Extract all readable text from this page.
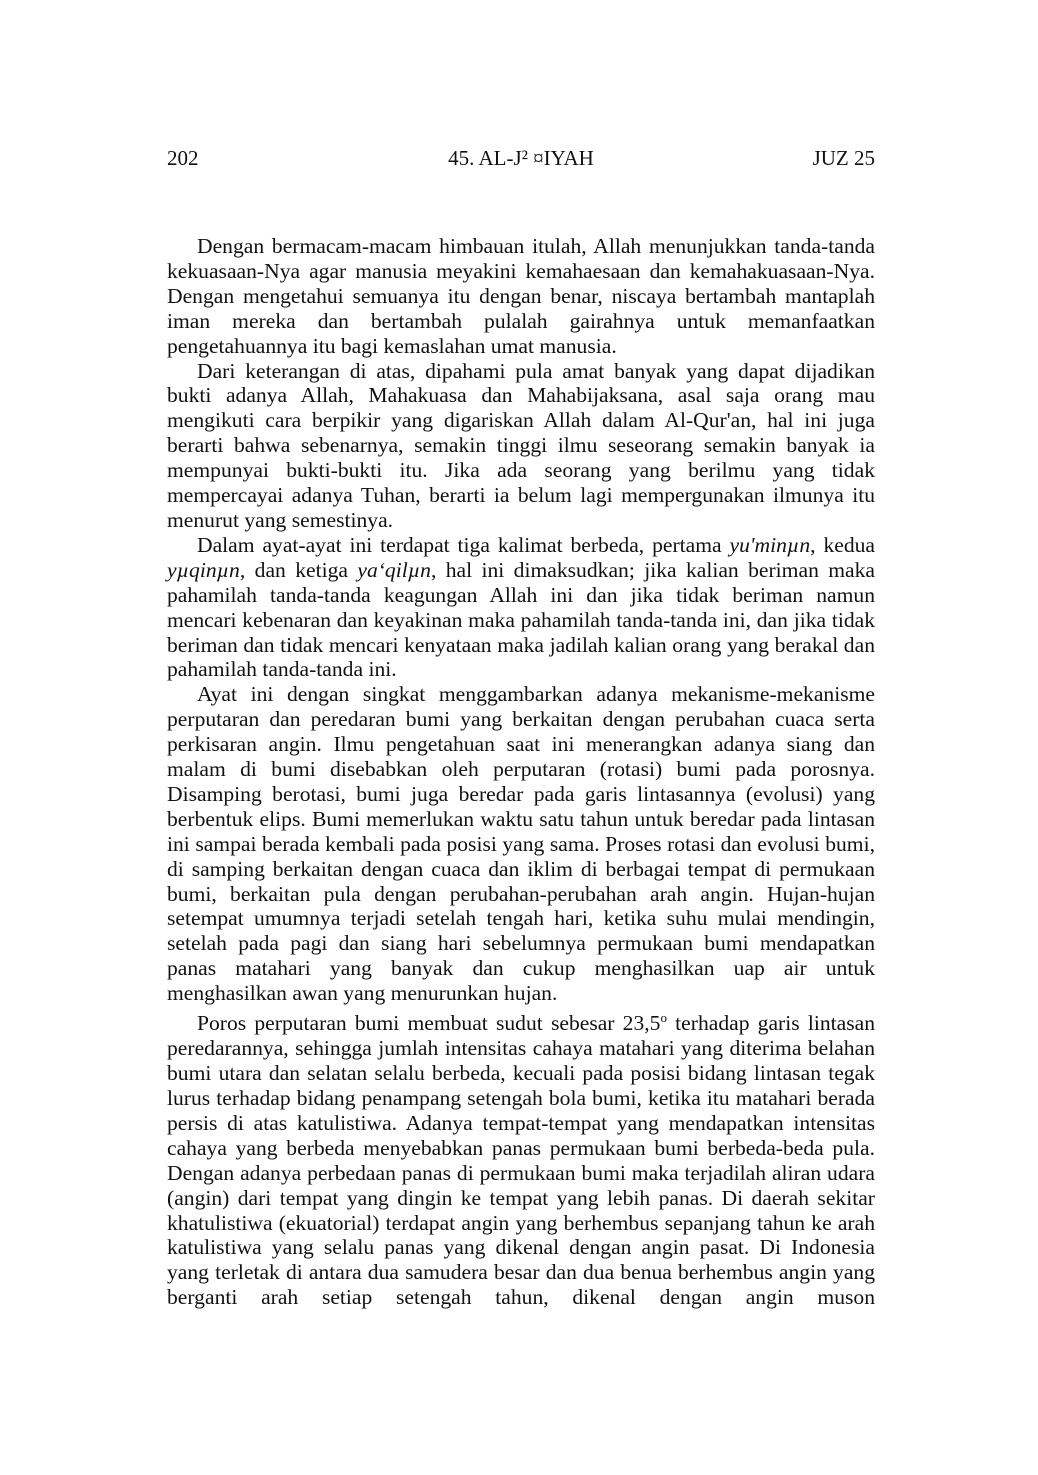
202	45. AL-J² ¤IYAH	JUZ 25

Dengan bermacam-macam himbauan itulah, Allah menunjukkan tanda-tanda kekuasaan-Nya agar manusia meyakini kemahaesaan dan kemahakuasaan-Nya. Dengan mengetahui semuanya itu dengan benar, niscaya bertambah mantaplah iman mereka dan bertambah pulalah gairahnya untuk memanfaatkan pengetahuannya itu bagi kemaslahan umat manusia.

Dari keterangan di atas, dipahami pula amat banyak yang dapat dijadikan bukti adanya Allah, Mahakuasa dan Mahabijaksana, asal saja orang mau mengikuti cara berpikir yang digariskan Allah dalam Al-Qur'an, hal ini juga berarti bahwa sebenarnya, semakin tinggi ilmu seseorang semakin banyak ia mempunyai bukti-bukti itu. Jika ada seorang yang berilmu yang tidak mempercayai adanya Tuhan, berarti ia belum lagi mempergunakan ilmunya itu menurut yang semestinya.

Dalam ayat-ayat ini terdapat tiga kalimat berbeda, pertama yu'minµn, kedua yµqinµn, dan ketiga ya‘qilµn, hal ini dimaksudkan; jika kalian beriman maka pahamilah tanda-tanda keagungan Allah ini dan jika tidak beriman namun mencari kebenaran dan keyakinan maka pahamilah tanda-tanda ini, dan jika tidak beriman dan tidak mencari kenyataan maka jadilah kalian orang yang berakal dan pahamilah tanda-tanda ini.

Ayat ini dengan singkat menggambarkan adanya mekanisme-mekanisme perputaran dan peredaran bumi yang berkaitan dengan perubahan cuaca serta perkisaran angin. Ilmu pengetahuan saat ini menerangkan adanya siang dan malam di bumi disebabkan oleh perputaran (rotasi) bumi pada porosnya. Disamping berotasi, bumi juga beredar pada garis lintasannya (evolusi) yang berbentuk elips. Bumi memerlukan waktu satu tahun untuk beredar pada lintasan ini sampai berada kembali pada posisi yang sama. Proses rotasi dan evolusi bumi, di samping berkaitan dengan cuaca dan iklim di berbagai tempat di permukaan bumi, berkaitan pula dengan perubahan-perubahan arah angin. Hujan-hujan setempat umumnya terjadi setelah tengah hari, ketika suhu mulai mendingin, setelah pada pagi dan siang hari sebelumnya permukaan bumi mendapatkan panas matahari yang banyak dan cukup menghasilkan uap air untuk menghasilkan awan yang menurunkan hujan.

Poros perputaran bumi membuat sudut sebesar 23,5$^o$ terhadap garis lintasan peredarannya, sehingga jumlah intensitas cahaya matahari yang diterima belahan bumi utara dan selatan selalu berbeda, kecuali pada posisi bidang lintasan tegak lurus terhadap bidang penampang setengah bola bumi, ketika itu matahari berada persis di atas katulistiwa. Adanya tempat-tempat yang mendapatkan intensitas cahaya yang berbeda menyebabkan panas permukaan bumi berbeda-beda pula. Dengan adanya perbedaan panas di permukaan bumi maka terjadilah aliran udara (angin) dari tempat yang dingin ke tempat yang lebih panas. Di daerah sekitar khatulistiwa (ekuatorial) terdapat angin yang berhembus sepanjang tahun ke arah katulistiwa yang selalu panas yang dikenal dengan angin pasat. Di Indonesia yang terletak di antara dua samudera besar dan dua benua berhembus angin yang berganti arah setiap setengah tahun, dikenal dengan angin muson
